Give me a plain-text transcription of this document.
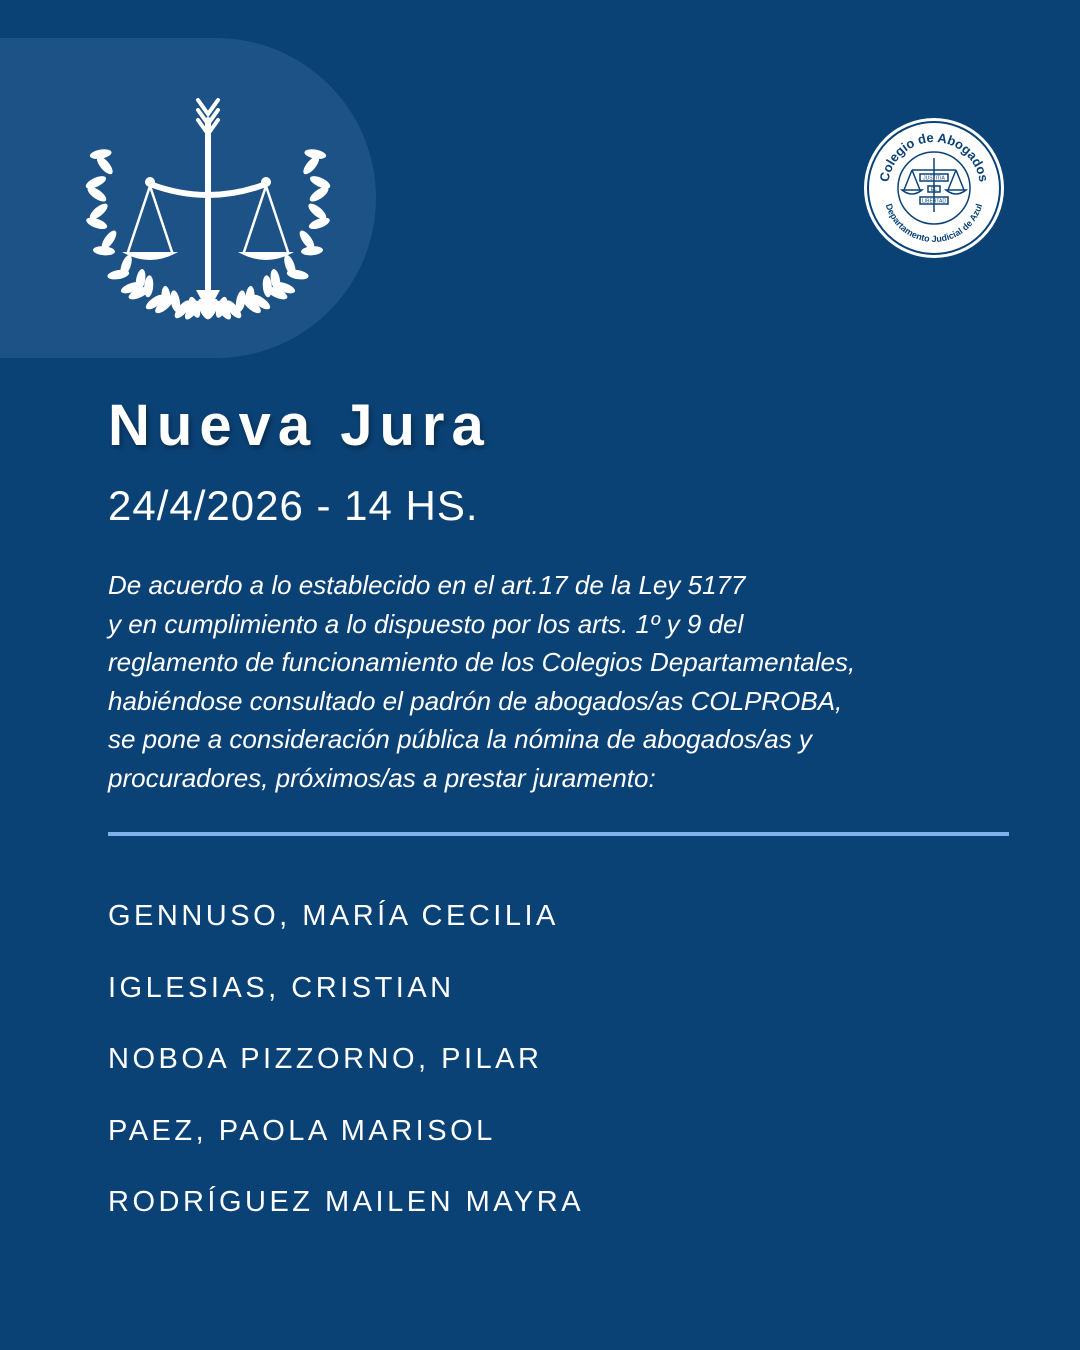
Colegio de Abogados
Departamento Judicial de Azul
JUSTITIA
EL
LIBERTAD
Nueva Jura
24/4/2026 - 14 HS.
De acuerdo a lo establecido en el art.17 de la Ley 5177
y en cumplimiento a lo dispuesto por los arts. 1º y 9 del
reglamento de funcionamiento de los Colegios Departamentales,
habiéndose consultado el padrón de abogados/as COLPROBA,
se pone a consideración pública la nómina de abogados/as y
procuradores, próximos/as a prestar juramento:
GENNUSO, MARÍA CECILIA
IGLESIAS, CRISTIAN
NOBOA PIZZORNO, PILAR
PAEZ, PAOLA MARISOL
RODRÍGUEZ MAILEN MAYRA
